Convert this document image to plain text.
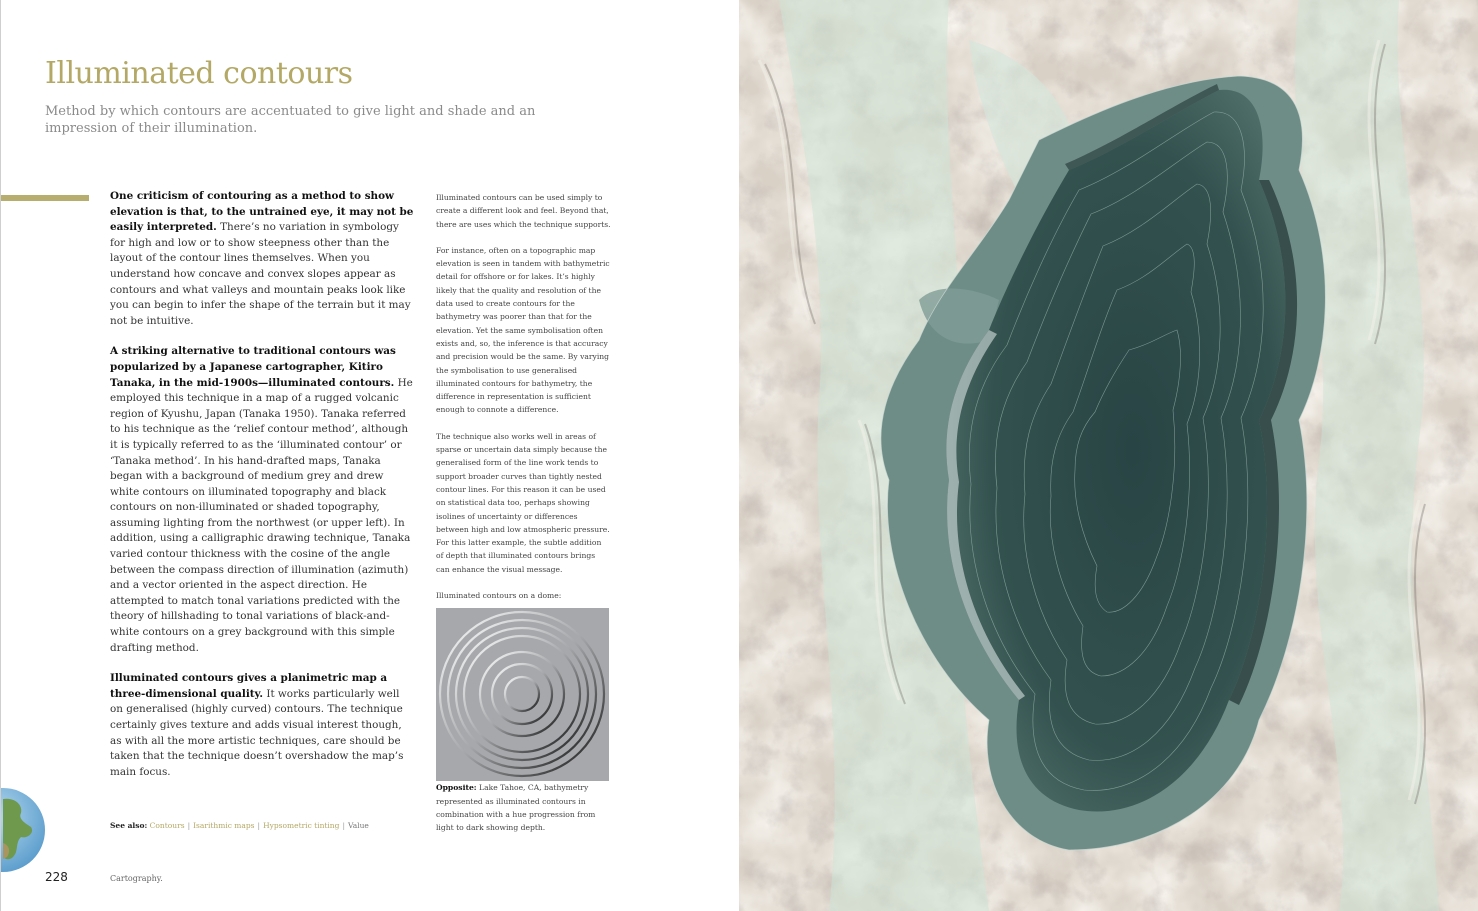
Illuminated contours

Method by which contours are accentuated to give light and shade and an impression of their illumination.

One criticism of contouring as a method to show elevation is that, to the untrained eye, it may not be easily interpreted. There’s no variation in symbology for high and low or to show steepness other than the layout of the contour lines themselves. When you understand how concave and convex slopes appear as contours and what valleys and mountain peaks look like you can begin to infer the shape of the terrain but it may not be intuitive.

A striking alternative to traditional contours was popularized by a Japanese cartographer, Kitiro Tanaka, in the mid-1900s—illuminated contours. He employed this technique in a map of a rugged volcanic region of Kyushu, Japan (Tanaka 1950). Tanaka referred to his technique as the ‘relief contour method’, although it is typically referred to as the ‘illuminated contour’ or ‘Tanaka method’. In his hand-drafted maps, Tanaka began with a background of medium grey and drew white contours on illuminated topography and black contours on non-illuminated or shaded topography, assuming lighting from the northwest (or upper left). In addition, using a calligraphic drawing technique, Tanaka varied contour thickness with the cosine of the angle between the compass direction of illumination (azimuth) and a vector oriented in the aspect direction. He attempted to match tonal variations predicted with the theory of hillshading to tonal variations of black-and-white contours on a grey background with this simple drafting method.

Illuminated contours gives a planimetric map a three-dimensional quality. It works particularly well on generalised (highly curved) contours. The technique certainly gives texture and adds visual interest though, as with all the more artistic techniques, care should be taken that the technique doesn’t overshadow the map’s main focus.

Illuminated contours can be used simply to create a different look and feel. Beyond that, there are uses which the technique supports.

For instance, often on a topographic map elevation is seen in tandem with bathymetric detail for offshore or for lakes. It’s highly likely that the quality and resolution of the data used to create contours for the bathymetry was poorer than that for the elevation. Yet the same symbolisation often exists and, so, the inference is that accuracy and precision would be the same. By varying the symbolisation to use generalised illuminated contours for bathymetry, the difference in representation is sufficient enough to connote a difference.

The technique also works well in areas of sparse or uncertain data simply because the generalised form of the line work tends to support broader curves than tightly nested contour lines. For this reason it can be used on statistical data too, perhaps showing isolines of uncertainty or differences between high and low atmospheric pressure. For this latter example, the subtle addition of depth that illuminated contours brings can enhance the visual message.

Illuminated contours on a dome:

Opposite: Lake Tahoe, CA, bathymetry represented as illuminated contours in combination with a hue progression from light to dark showing depth.

See also: Contours | Isarithmic maps | Hypsometric tinting | Value
228	Cartography.
